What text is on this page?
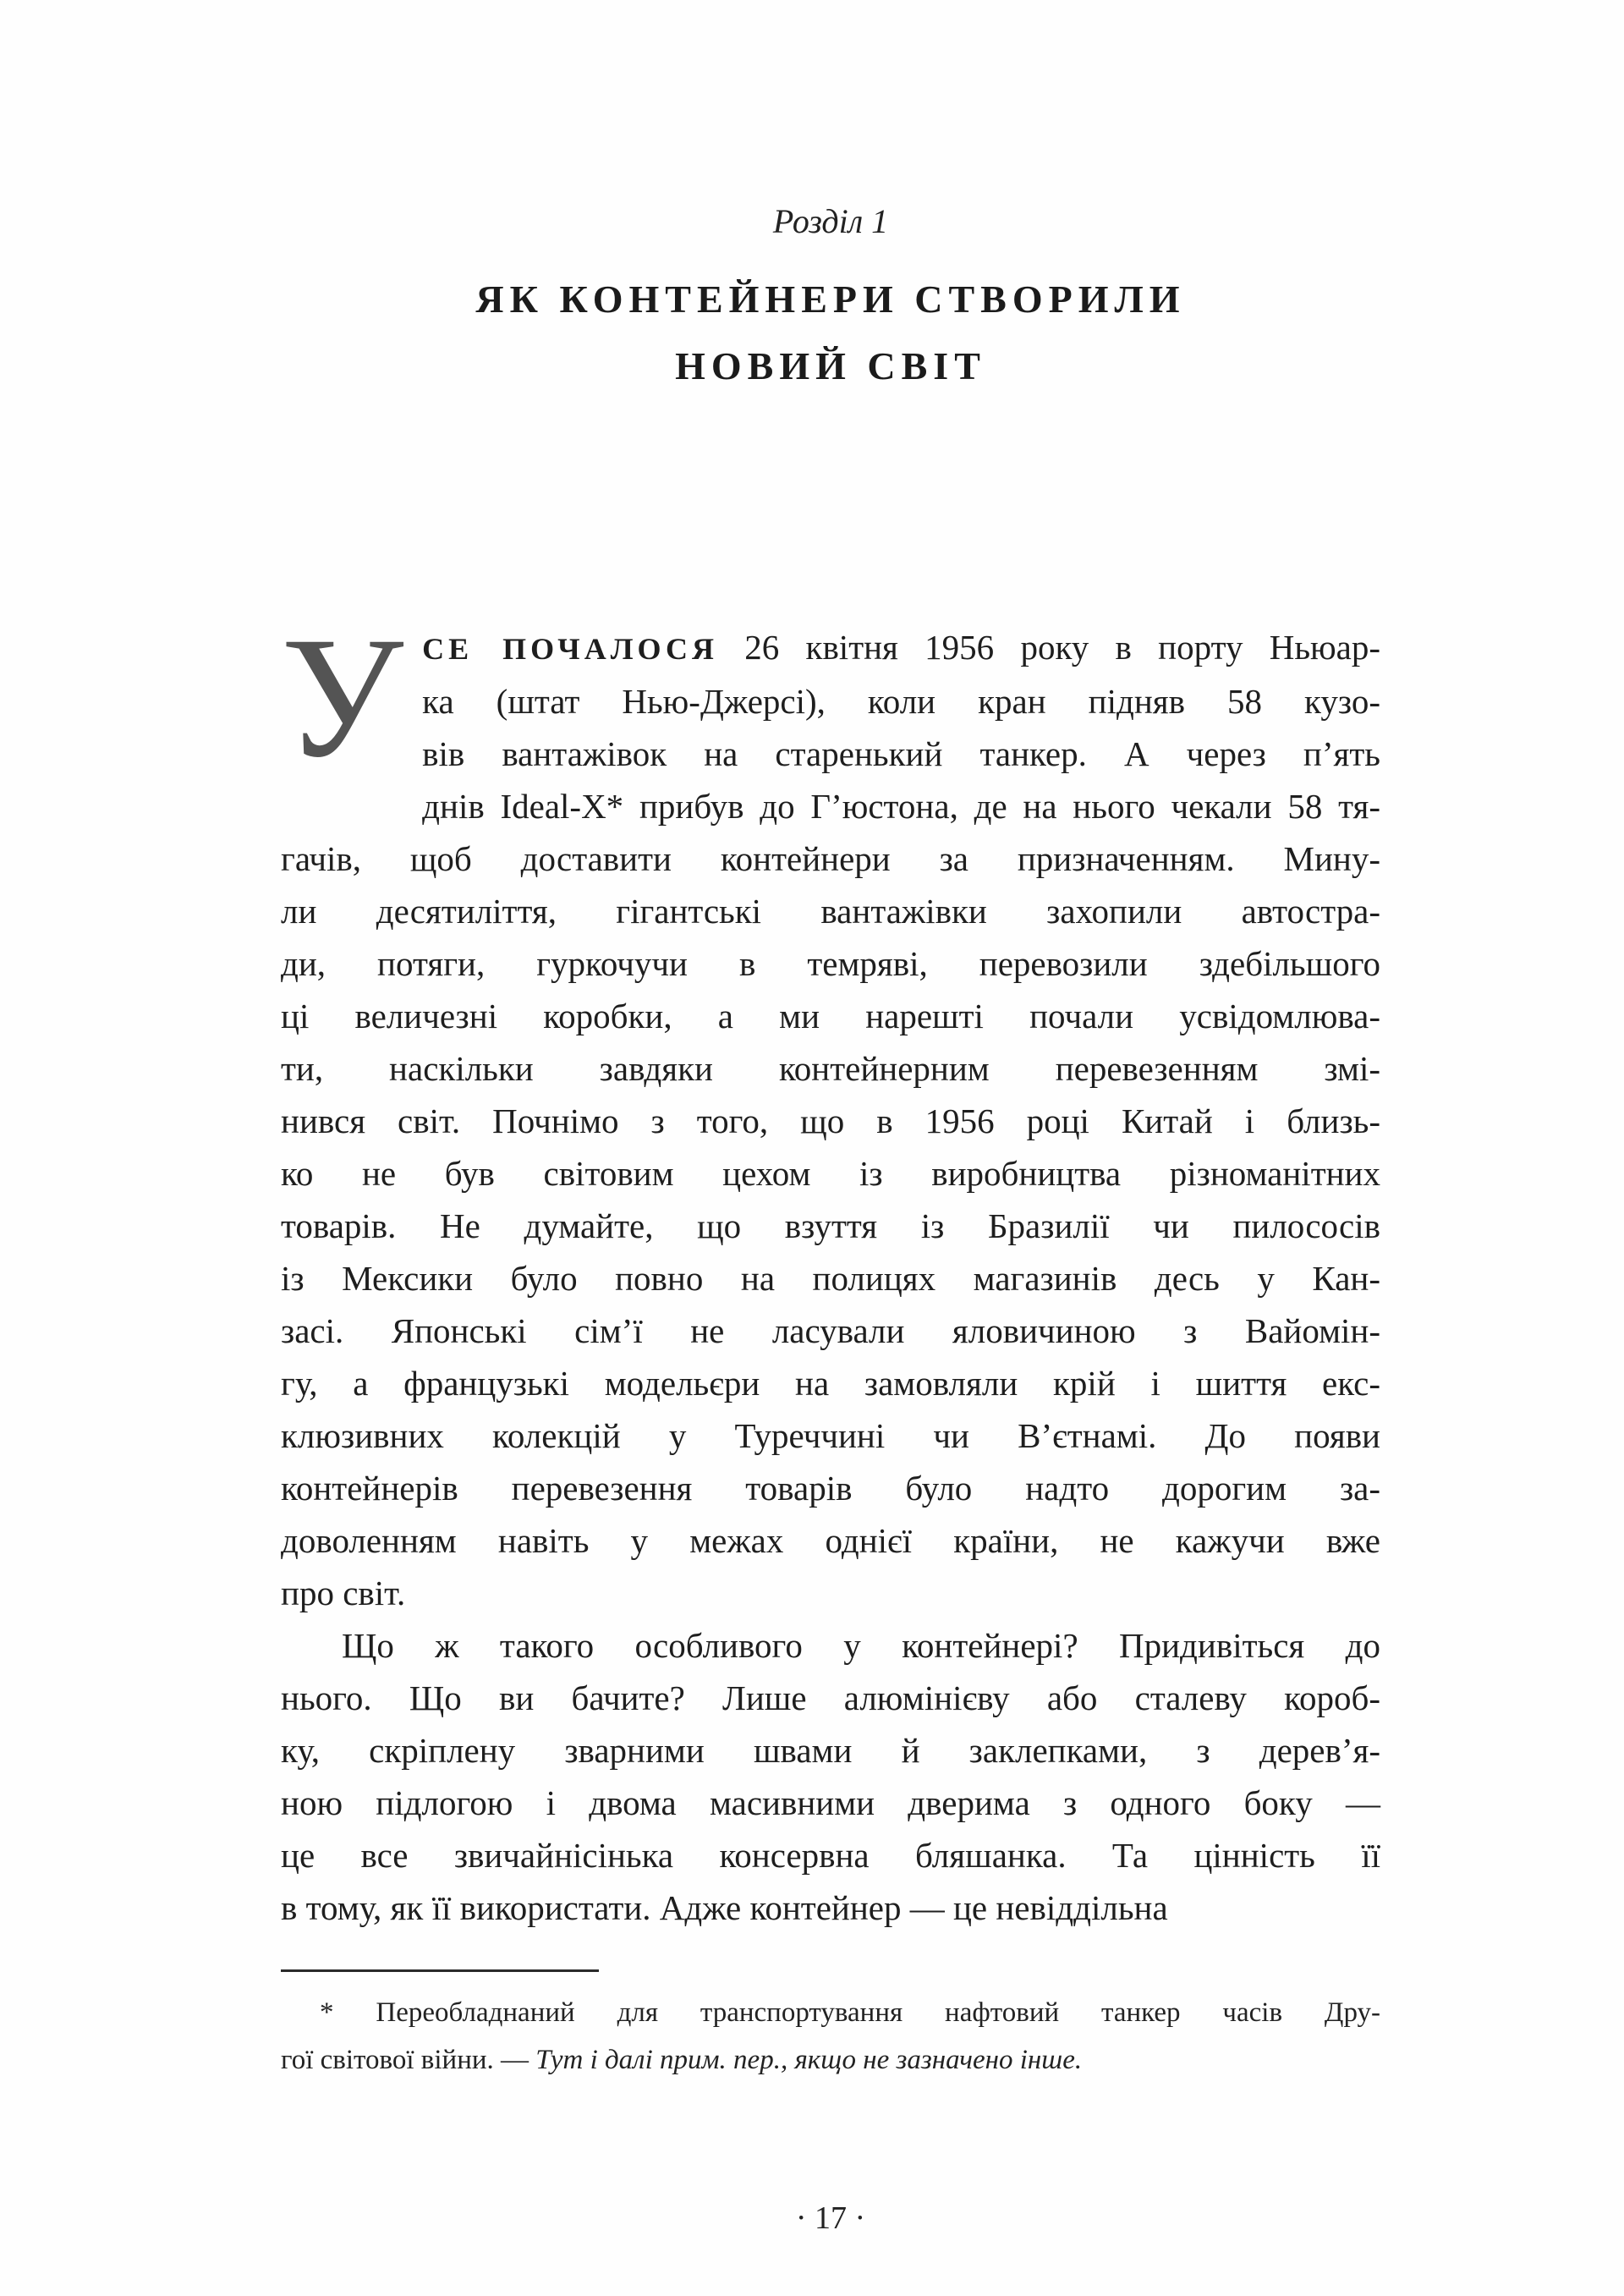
Розділ 1
ЯК КОНТЕЙНЕРИ СТВОРИЛИ
НОВИЙ СВІТ
У СЕ ПОЧАЛОСЯ 26 квітня 1956 року в порту Ньюар-
ка (штат Нью-Джерсі), коли кран підняв 58 кузо-
вів вантажівок на старенький танкер. А через п’ять
днів Ideal-X* прибув до Г’юстона, де на нього чекали 58 тя-
гачів, щоб доставити контейнери за призначенням. Мину-
ли десятиліття, гігантські вантажівки захопили автостра-
ди, потяги, гуркочучи в темряві, перевозили здебільшого
ці величезні коробки, а ми нарешті почали усвідомлюва-
ти, наскільки завдяки контейнерним перевезенням змі-
нився світ. Почнімо з того, що в 1956 році Китай і близь-
ко не був світовим цехом із виробництва різноманітних
товарів. Не думайте, що взуття із Бразилії чи пилососів
із Мексики було повно на полицях магазинів десь у Кан-
засі. Японські сім’ї не ласували яловичиною з Вайомін-
гу, а французькі модельєри на замовляли крій і шиття екс-
клюзивних колекцій у Туреччині чи В’єтнамі. До появи
контейнерів перевезення товарів було надто дорогим за-
доволенням навіть у межах однієї країни, не кажучи вже
про світ.
Що ж такого особливого у контейнері? Придивіться до
нього. Що ви бачите? Лише алюмінієву або сталеву короб-
ку, скріплену зварними швами й заклепками, з дерев’я-
ною підлогою і двома масивними дверима з одного боку —
це все звичайнісінька консервна бляшанка. Та цінність її
в тому, як її використати. Адже контейнер — це невіддільна
* Переобладнаний для транспортування нафтовий танкер часів Дру-
гої світової війни. — Тут і далі прим. пер., якщо не зазначено інше.
· 17 ·
